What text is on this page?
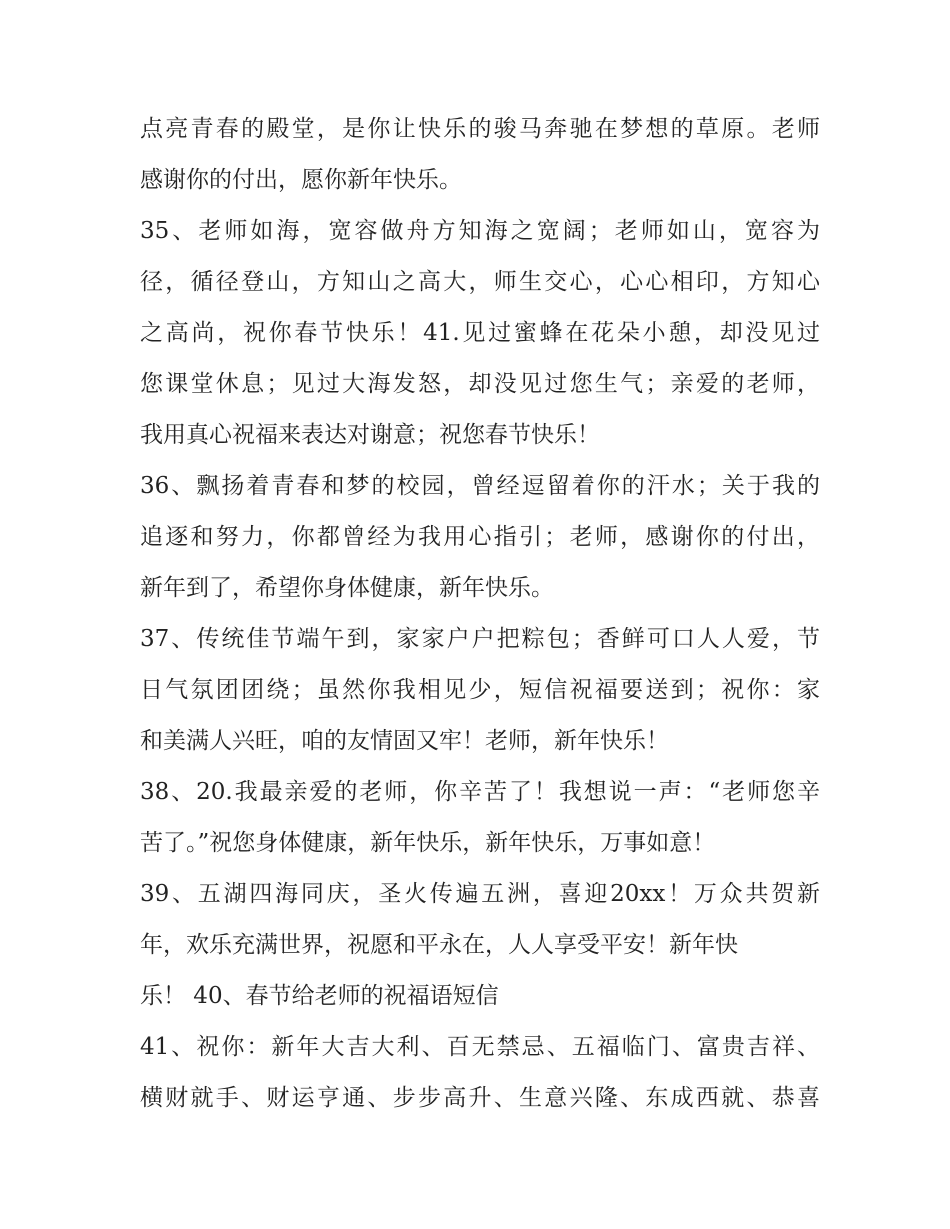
点亮青春的殿堂，是你让快乐的骏马奔驰在梦想的草原。老师
感谢你的付出，愿你新年快乐。
35、老师如海，宽容做舟方知海之宽阔；老师如山，宽容为
径，循径登山，方知山之高大，师生交心，心心相印，方知心
之高尚，祝你春节快乐！41.见过蜜蜂在花朵小憩，却没见过
您课堂休息；见过大海发怒，却没见过您生气；亲爱的老师，
我用真心祝福来表达对谢意；祝您春节快乐！
36、飘扬着青春和梦的校园，曾经逗留着你的汗水；关于我的
追逐和努力，你都曾经为我用心指引；老师，感谢你的付出，
新年到了，希望你身体健康，新年快乐。
37、传统佳节端午到，家家户户把粽包；香鲜可口人人爱，节
日气氛团团绕；虽然你我相见少，短信祝福要送到；祝你：家
和美满人兴旺，咱的友情固又牢！老师，新年快乐！
38、20.我最亲爱的老师，你辛苦了！我想说一声：“老师您辛
苦了。”祝您身体健康，新年快乐，新年快乐，万事如意！
39、五湖四海同庆，圣火传遍五洲，喜迎20xx！万众共贺新
年，欢乐充满世界，祝愿和平永在，人人享受平安！新年快
乐！ 40、春节给老师的祝福语短信
41、祝你：新年大吉大利、百无禁忌、五福临门、富贵吉祥、
横财就手、财运亨通、步步高升、生意兴隆、东成西就、恭喜
